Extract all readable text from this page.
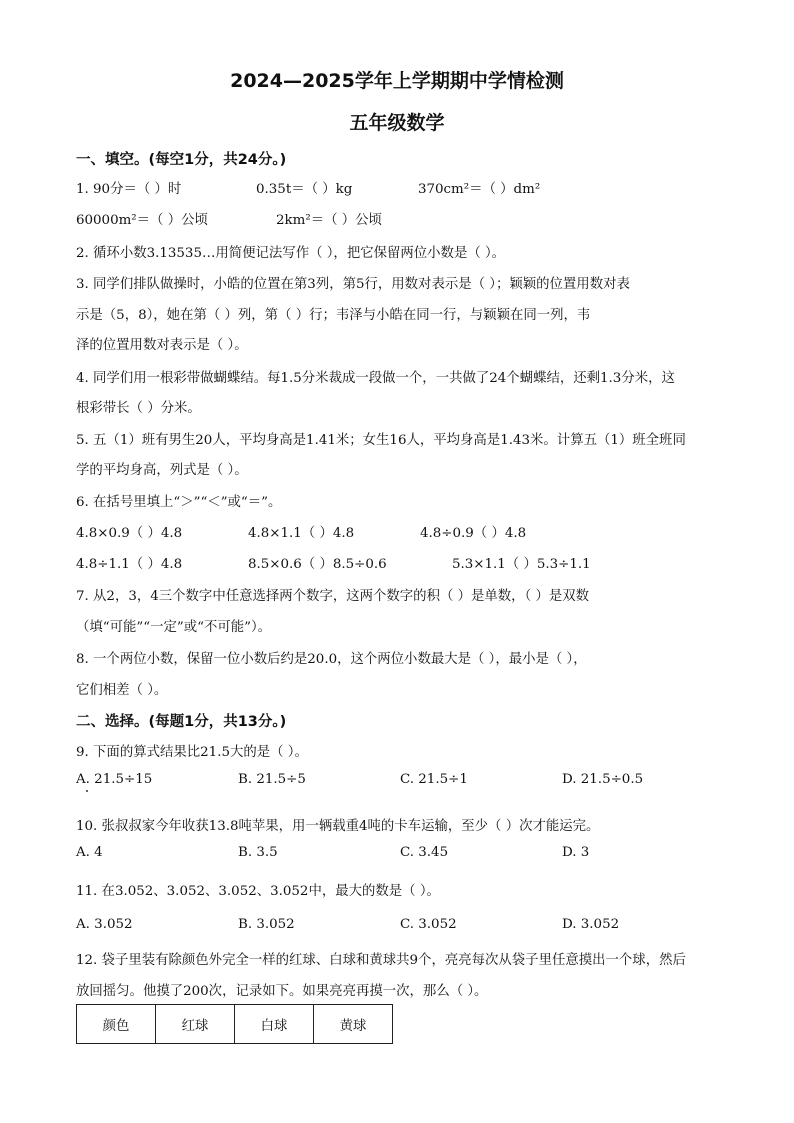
2024—2025学年上学期期中学情检测
五年级数学
一、填空。(每空1分，共24分。)
1. 90分＝（ ）时	0.35t＝（ ）kg	370cm²＝（ ）dm²
60000m²＝（ ）公顷	2km²＝（ ）公顷
2. 循环小数3.13535…用简便记法写作（ ），把它保留两位小数是（ ）。
3. 同学们排队做操时，小皓的位置在第3列，第5行，用数对表示是（ ）；颖颖的位置用数对表
示是（5，8），她在第（ ）列，第（ ）行；韦泽与小皓在同一行，与颖颖在同一列，韦
泽的位置用数对表示是（ ）。
4. 同学们用一根彩带做蝴蝶结。每1.5分米裁成一段做一个，一共做了24个蝴蝶结，还剩1.3分米，这
根彩带长（ ）分米。
5. 五（1）班有男生20人，平均身高是1.41米；女生16人，平均身高是1.43米。计算五（1）班全班同
学的平均身高，列式是（ ）。
6. 在括号里填上“＞”“＜”或“＝”。
4.8×0.9（ ）4.8	4.8×1.1（ ）4.8	4.8÷0.9（ ）4.8
4.8÷1.1（ ）4.8	8.5×0.6（ ）8.5÷0.6	5.3×1.1（ ）5.3÷1.1
7. 从2，3，4三个数字中任意选择两个数字，这两个数字的积（ ）是单数，（ ）是双数
（填“可能”“一定”或“不可能”）。
8. 一个两位小数，保留一位小数后约是20.0，这个两位小数最大是（ ），最小是（ ），
它们相差（ ）。
二、选择。(每题1分，共13分。)
9. 下面的算式结果比21.5大的是（ ）。
A. 21.5÷15	B. 21.5÷5	C. 21.5÷1	D. 21.5÷0.5
10. 张叔叔家今年收获13.8吨苹果，用一辆载重4吨的卡车运输，至少（ ）次才能运完。
A. 4	B. 3.5	C. 3.45	D. 3
11. 在3.052、3.052、3.052、3.052中，最大的数是（ ）。
A. 3.052	B. 3.052	C. 3.052	D. 3.052
12. 袋子里装有除颜色外完全一样的红球、白球和黄球共9个，亮亮每次从袋子里任意摸出一个球，然后
放回摇匀。他摸了200次，记录如下。如果亮亮再摸一次，那么（ ）。
颜色	红球	白球	黄球
